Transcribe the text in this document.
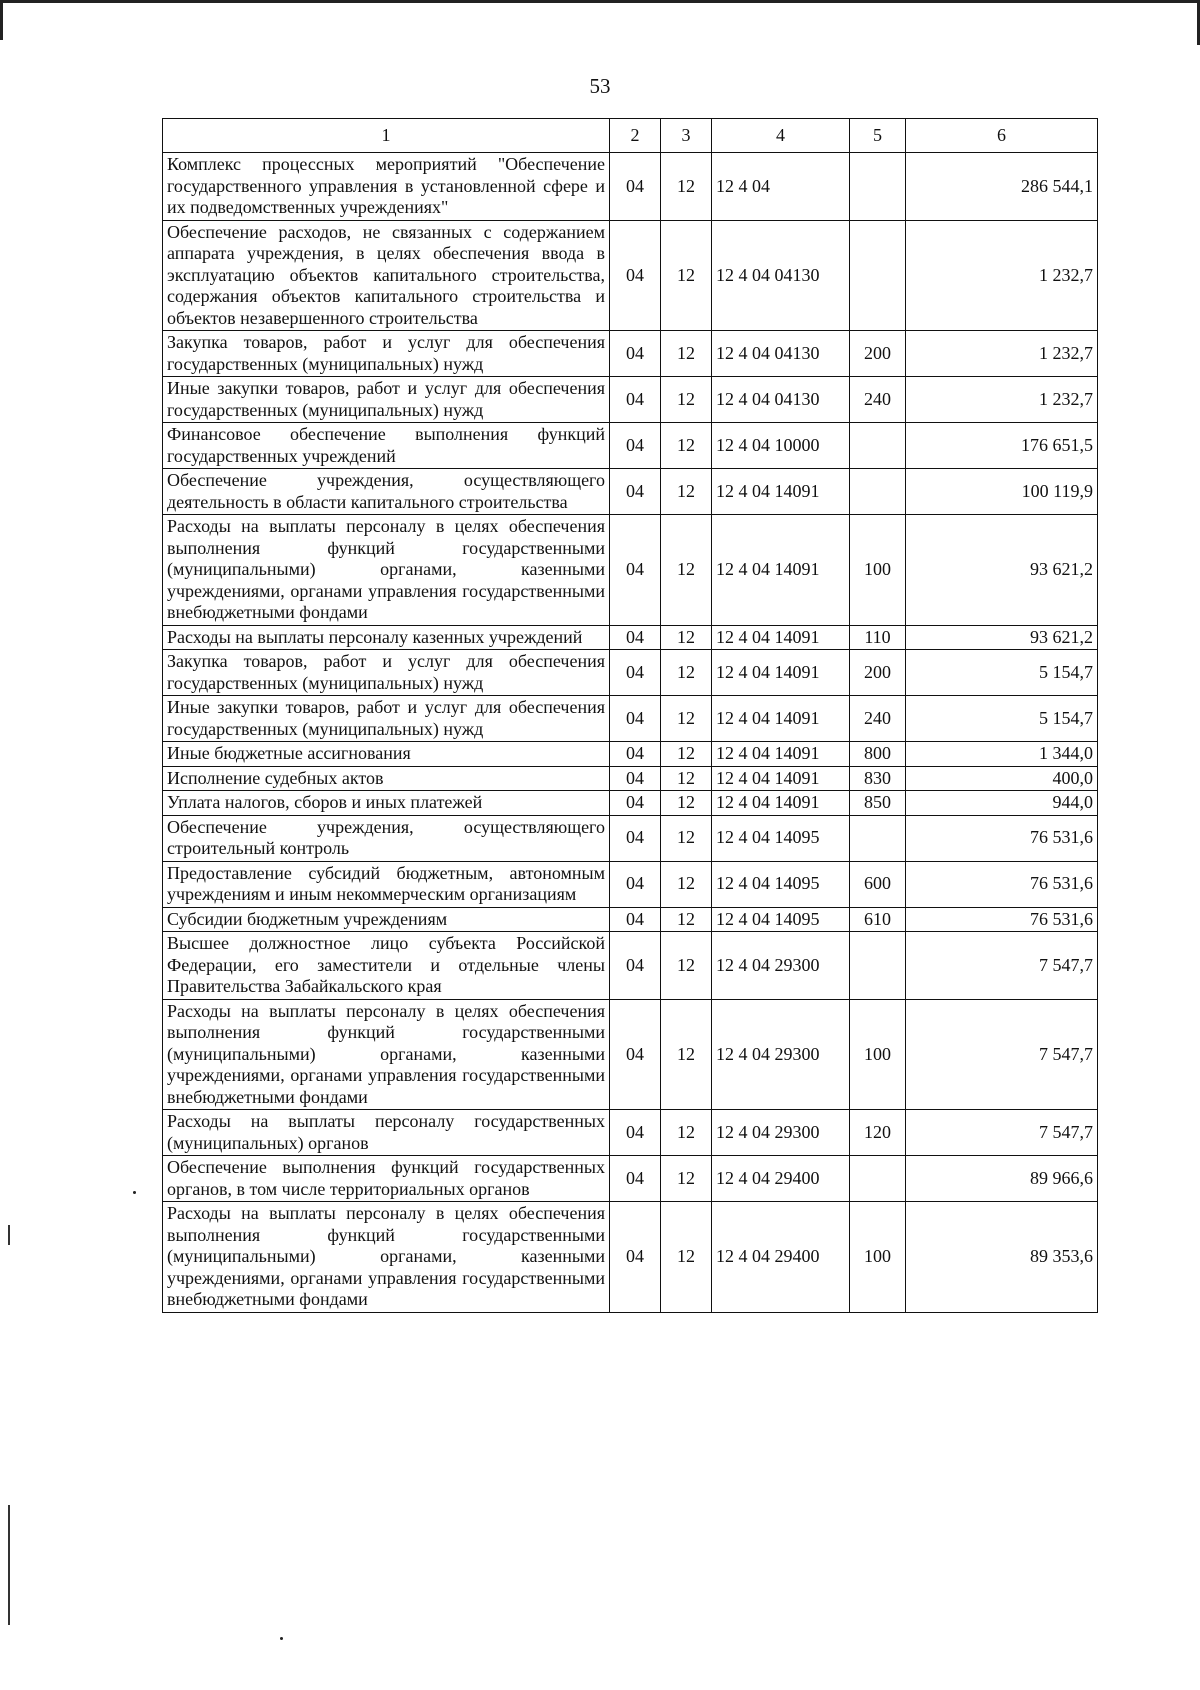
53
1	2	3	4	5	6
Комплекс процессных мероприятий "Обеспечение государственного управления в установленной сфере и их подведомственных учреждениях"	04	12	12 4 04		286 544,1
Обеспечение расходов, не связанных с содержанием аппарата учреждения, в целях обеспечения ввода в эксплуатацию объектов капитального строительства, содержания объектов капитального строительства и объектов незавершенного строительства	04	12	12 4 04 04130		1 232,7
Закупка товаров, работ и услуг для обеспечения государственных (муниципальных) нужд	04	12	12 4 04 04130	200	1 232,7
Иные закупки товаров, работ и услуг для обеспечения государственных (муниципальных) нужд	04	12	12 4 04 04130	240	1 232,7
Финансовое обеспечение выполнения функций государственных учреждений	04	12	12 4 04 10000		176 651,5
Обеспечение учреждения, осуществляющего деятельность в области капитального строительства	04	12	12 4 04 14091		100 119,9
Расходы на выплаты персоналу в целях обеспечения выполнения функций государственными (муниципальными) органами, казенными учреждениями, органами управления государственными внебюджетными фондами	04	12	12 4 04 14091	100	93 621,2
Расходы на выплаты персоналу казенных учреждений	04	12	12 4 04 14091	110	93 621,2
Закупка товаров, работ и услуг для обеспечения государственных (муниципальных) нужд	04	12	12 4 04 14091	200	5 154,7
Иные закупки товаров, работ и услуг для обеспечения государственных (муниципальных) нужд	04	12	12 4 04 14091	240	5 154,7
Иные бюджетные ассигнования	04	12	12 4 04 14091	800	1 344,0
Исполнение судебных актов	04	12	12 4 04 14091	830	400,0
Уплата налогов, сборов и иных платежей	04	12	12 4 04 14091	850	944,0
Обеспечение учреждения, осуществляющего строительный контроль	04	12	12 4 04 14095		76 531,6
Предоставление субсидий бюджетным, автономным учреждениям и иным некоммерческим организациям	04	12	12 4 04 14095	600	76 531,6
Субсидии бюджетным учреждениям	04	12	12 4 04 14095	610	76 531,6
Высшее должностное лицо субъекта Российской Федерации, его заместители и отдельные члены Правительства Забайкальского края	04	12	12 4 04 29300		7 547,7
Расходы на выплаты персоналу в целях обеспечения выполнения функций государственными (муниципальными) органами, казенными учреждениями, органами управления государственными внебюджетными фондами	04	12	12 4 04 29300	100	7 547,7
Расходы на выплаты персоналу государственных (муниципальных) органов	04	12	12 4 04 29300	120	7 547,7
Обеспечение выполнения функций государственных органов, в том числе территориальных органов	04	12	12 4 04 29400		89 966,6
Расходы на выплаты персоналу в целях обеспечения выполнения функций государственными (муниципальными) органами, казенными учреждениями, органами управления государственными внебюджетными фондами	04	12	12 4 04 29400	100	89 353,6
